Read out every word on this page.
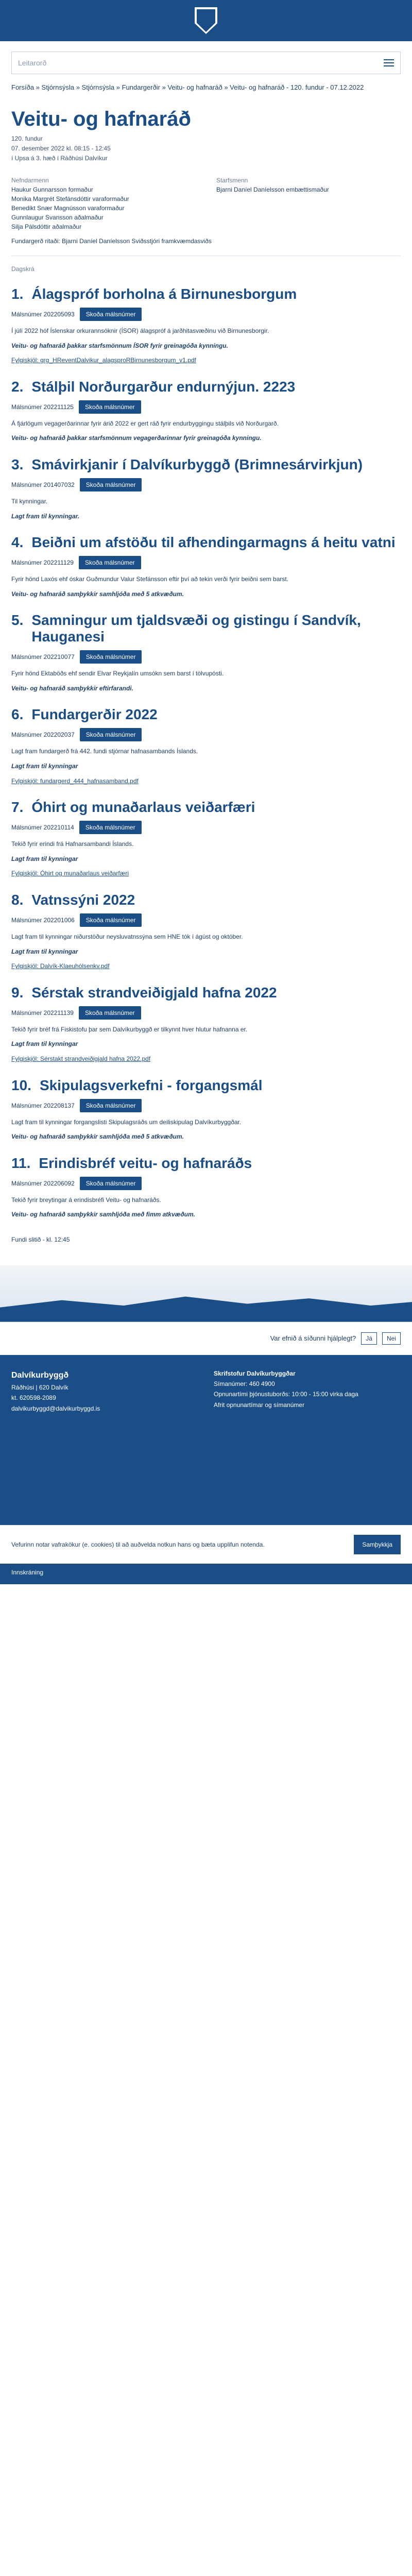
Leitarorð
Forsíða » Stjórnsýsla » Stjórnsýsla » Fundargerðir » Veitu- og hafnaráð » Veitu- og hafnaráð - 120. fundur - 07.12.2022
Veitu- og hafnaráð
120. fundur
07. desember 2022 kl. 08:15 - 12:45
í Upsa á 3. hæð í Ráðhúsi Dalvíkur
Nefndarmenn
Haukur Gunnarsson formaður
Monika Margrét Stefánsdóttir varaformaður
Benedikt Snær Magnússon varaformaður
Gunnlaugur Svansson aðalmaður
Silja Pálsdóttir aðalmaður
Starfsmenn
Bjarni Daníel Daníelsson embættismaður
Fundargerð ritaði: Bjarni Daníel Daníelsson Sviðsstjóri framkvæmdasviðs
Dagskrá
1. Álagspróf borholna á Birnunesborgum
Málsnúmer 202205093	Skoða málsnúmer
Í júlí 2022 hóf Íslenskar orkurannsóknir (ÍSOR) álagspróf á jarðhitasvæðinu við Birnunesborgir.
Veitu- og hafnaráð þakkar starfsmönnum ÍSOR fyrir greinagóða kynningu.
Fylgiskjöl: grg_HReventDalvikur_alagsproRBirnunesborgum_v1.pdf
2. Stálþil Norðurgarður endurnýjun. 2223
Málsnúmer 202211125	Skoða málsnúmer
Á fjárlögum vegagerðarinnar fyrir árið 2022 er gert ráð fyrir endurbyggingu stálþils við Norðurgarð.
Veitu- og hafnaráð þakkar starfsmönnum vegagerðarinnar fyrir greinagóða kynningu.
3. Smávirkjanir í Dalvíkurbyggð (Brimnesárvirkjun)
Málsnúmer 201407032	Skoða málsnúmer
Til kynningar.
Lagt fram til kynningar.
4. Beiðni um afstöðu til afhendingarmagns á heitu vatni
Málsnúmer 202211129	Skoða málsnúmer
Fyrir hönd Laxós ehf óskar Guðmundur Valur Stefánsson eftir því að tekin verði fyrir beiðni sem barst.
Veitu- og hafnaráð samþykkir samhljóða með 5 atkvæðum.
5. Samningur um tjaldsvæði og gistingu í Sandvík, Hauganesi
Málsnúmer 202210077	Skoða málsnúmer
Fyrir hönd Ektaböðs ehf sendir Elvar Reykjalín umsókn sem barst í tölvupósti.
Veitu- og hafnaráð samþykkir eftirfarandi.
6. Fundargerðir 2022
Málsnúmer 202202037	Skoða málsnúmer
Lagt fram fundargerð frá 442. fundi stjórnar hafnasambands Íslands.
Lagt fram til kynningar
Fylgiskjöl: fundargerd_444_hafnasamband.pdf
7. Óhirt og munaðarlaus veiðarfæri
Málsnúmer 202210114	Skoða málsnúmer
Tekið fyrir erindi frá Hafnarsambandi Íslands.
Lagt fram til kynningar
Fylgiskjöl: Óhirt og munaðarlaus veiðarfæri
8. Vatnssýni 2022
Málsnúmer 202201006	Skoða málsnúmer
Lagt fram til kynningar niðurstöður neysluvatnssýna sem HNE tók í ágúst og október.
Lagt fram til kynningar
Fylgiskjöl: Dalvík-Klaeuhólsenkv.pdf
9. Sérstak strandveiðigjald hafna 2022
Málsnúmer 202211139	Skoða málsnúmer
Tekið fyrir bréf frá Fiskistofu þar sem Dalvíkurbyggð er tilkynnt hver hlutur hafnanna er.
Lagt fram til kynningar
Fylgiskjöl: Sérstakt strandveiðigjald hafna 2022.pdf
10. Skipulagsverkefni - forgangsmál
Málsnúmer 202208137	Skoða málsnúmer
Lagt fram til kynningar forgangslisti Skipulagsráðs um deiliskipulag Dalvíkurbyggðar.
Veitu- og hafnaráð samþykkir samhljóða með 5 atkvæðum.
11. Erindisbréf veitu- og hafnaráðs
Málsnúmer 202206092	Skoða málsnúmer
Tekið fyrir breytingar á erindisbréfi Veitu- og hafnaráðs.
Veitu- og hafnaráð samþykkir samhljóða með fimm atkvæðum.
Fundi slitið - kl. 12:45
Var efnið á síðunni hjálplegt?	Já	Nei
Dalvíkurbyggð
Ráðhúsi | 620 Dalvík
kt. 620598-2089
dalvikurbyggd@dalvikurbyggd.is
Skrifstofur Dalvíkurbyggðar
Símanúmer: 460 4900
Opnunartími þjónustuborðs: 10:00 - 15:00 virka daga
Afrit opnunartímar og símanúmer
Vefurinn notar vafrakökur (e. cookies) til að auðvelda notkun hans og bæta upplifun notenda.	Samþykkja
Innskráning
